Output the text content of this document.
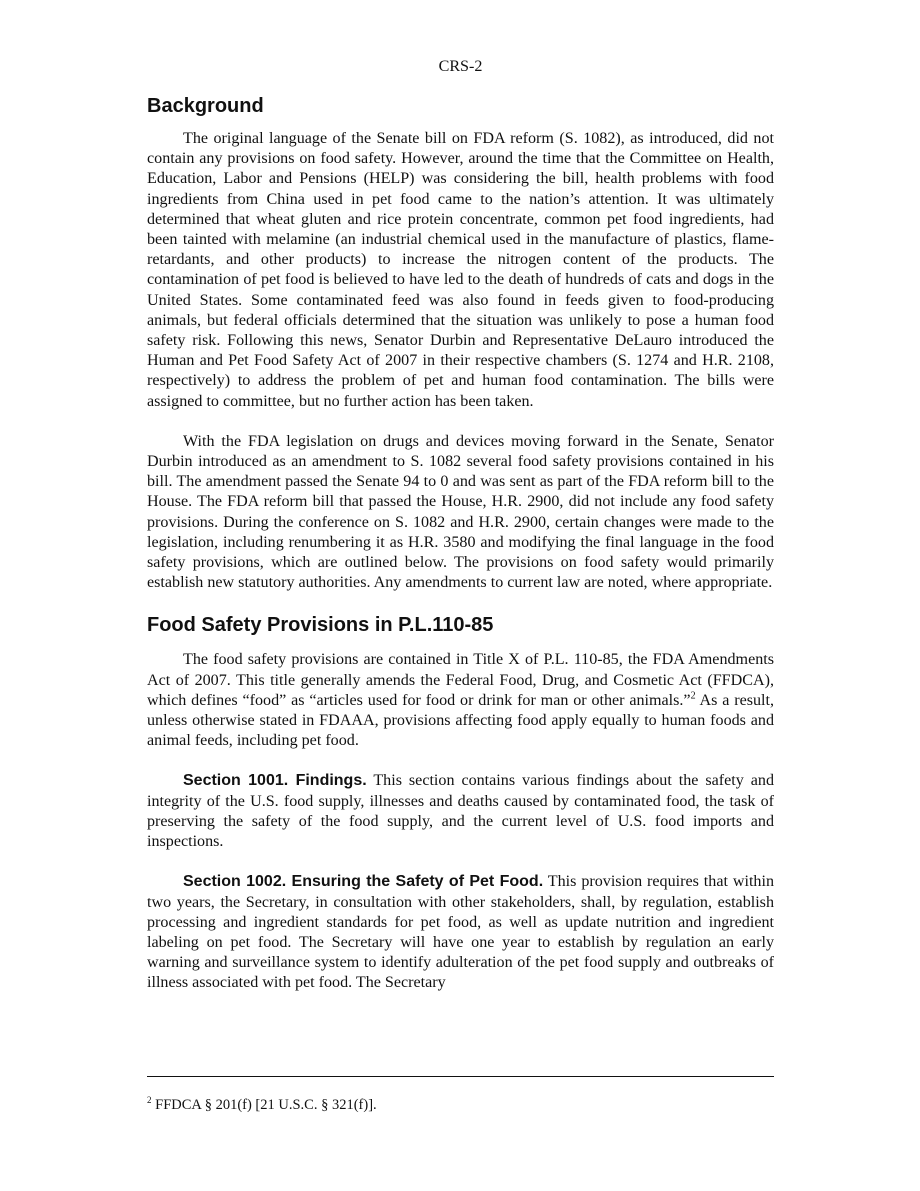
CRS-2
Background

The original language of the Senate bill on FDA reform (S. 1082), as introduced, did not contain any provisions on food safety. However, around the time that the Committee on Health, Education, Labor and Pensions (HELP) was considering the bill, health problems with food ingredients from China used in pet food came to the nation’s attention. It was ultimately determined that wheat gluten and rice protein concentrate, common pet food ingredients, had been tainted with melamine (an industrial chemical used in the manufacture of plastics, flame-retardants, and other products) to increase the nitrogen content of the products. The contamination of pet food is believed to have led to the death of hundreds of cats and dogs in the United States. Some contaminated feed was also found in feeds given to food-producing animals, but federal officials determined that the situation was unlikely to pose a human food safety risk. Following this news, Senator Durbin and Representative DeLauro introduced the Human and Pet Food Safety Act of 2007 in their respective chambers (S. 1274 and H.R. 2108, respectively) to address the problem of pet and human food contamination. The bills were assigned to committee, but no further action has been taken.

With the FDA legislation on drugs and devices moving forward in the Senate, Senator Durbin introduced as an amendment to S. 1082 several food safety provisions contained in his bill. The amendment passed the Senate 94 to 0 and was sent as part of the FDA reform bill to the House. The FDA reform bill that passed the House, H.R. 2900, did not include any food safety provisions. During the conference on S. 1082 and H.R. 2900, certain changes were made to the legislation, including renumbering it as H.R. 3580 and modifying the final language in the food safety provisions, which are outlined below. The provisions on food safety would primarily establish new statutory authorities. Any amendments to current law are noted, where appropriate.

Food Safety Provisions in P.L.110-85

The food safety provisions are contained in Title X of P.L. 110-85, the FDA Amendments Act of 2007. This title generally amends the Federal Food, Drug, and Cosmetic Act (FFDCA), which defines “food” as “articles used for food or drink for man or other animals.”$^2$ As a result, unless otherwise stated in FDAAA, provisions affecting food apply equally to human foods and animal feeds, including pet food.

Section 1001. Findings. This section contains various findings about the safety and integrity of the U.S. food supply, illnesses and deaths caused by contaminated food, the task of preserving the safety of the food supply, and the current level of U.S. food imports and inspections.

Section 1002. Ensuring the Safety of Pet Food. This provision requires that within two years, the Secretary, in consultation with other stakeholders, shall, by regulation, establish processing and ingredient standards for pet food, as well as update nutrition and ingredient labeling on pet food. The Secretary will have one year to establish by regulation an early warning and surveillance system to identify adulteration of the pet food supply and outbreaks of illness associated with pet food. The Secretary

$^2$ FFDCA § 201(f) [21 U.S.C. § 321(f)].
